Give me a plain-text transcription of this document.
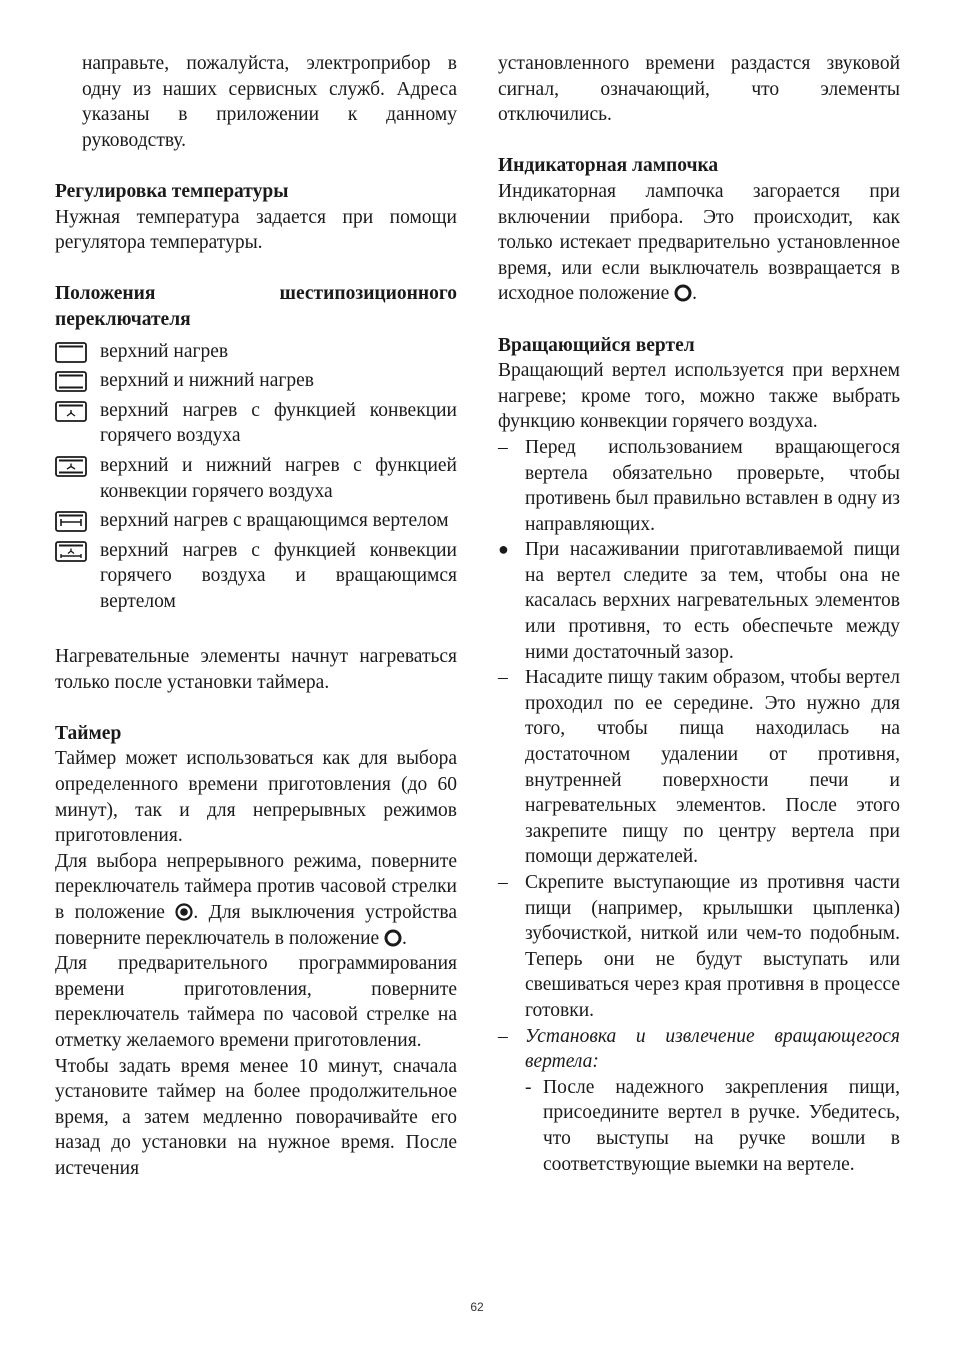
направьте, пожалуйста, электроприбор в одну из наших сервисных служб. Адреса указаны в приложении к данному руководству.

Регулировка температуры

Нужная температура задается при помощи регулятора температуры.

Положения шестипозиционного

переключателя

верхний нагрев
верхний и нижний нагрев
верхний нагрев с функцией конвекции горячего воздуха
верхний и нижний нагрев с функцией конвекции горячего воздуха
верхний нагрев с вращающимся вертелом
верхний нагрев с функцией конвекции горячего воздуха и вращающимся вертелом

Нагревательные элементы начнут нагреваться только после установки таймера.

Таймер

Таймер может использоваться как для выбора определенного времени приготовления (до 60 минут), так и для непрерывных режимов приготовления.

Для выбора непрерывного режима, поверните переключатель таймера против часовой стрелки в положение
. Для выключения устройства поверните переключатель в положение
.

Для предварительного программирования времени приготовления, поверните переключатель таймера по часовой стрелке на отметку желаемого времени приготовления.

Чтобы задать время менее 10 минут, сначала установите таймер на более продолжительное время, а затем медленно поворачивайте его назад до установки на нужное время. После истечения

установленного времени раздастся звуковой сигнал, означающий, что элементы отключились.

Индикаторная лампочка

Индикаторная лампочка загорается при включении прибора. Это происходит, как только истекает предварительно установленное время, или если выключатель возвращается в исходное положение
.

Вращающийся вертел

Вращающий вертел используется при верхнем нагреве; кроме того, можно также выбрать функцию конвекции горячего воздуха.

– Перед использованием вращающегося вертела обязательно проверьте, чтобы противень был правильно вставлен в одну из направляющих.
● При насаживании приготавливаемой пищи на вертел следите за тем, чтобы она не касалась верхних нагревательных элементов или противня, то есть обеспечьте между ними достаточный зазор.
– Насадите пищу таким образом, чтобы вертел проходил по ее середине. Это нужно для того, чтобы пища находилась на достаточном удалении от противня, внутренней поверхности печи и нагревательных элементов. После этого закрепите пищу по центру вертела при помощи держателей.
– Скрепите выступающие из противня части пищи (например, крылышки цыпленка) зубочисткой, ниткой или чем-то подобным. Теперь они не будут выступать или свешиваться через края противня в процессе готовки.
– Установка и извлечение вращающегося вертела:
- После надежного закрепления пищи, присоедините вертел в ручке. Убедитесь, что выступы на ручке вошли в соответствующие выемки на вертеле.
62
